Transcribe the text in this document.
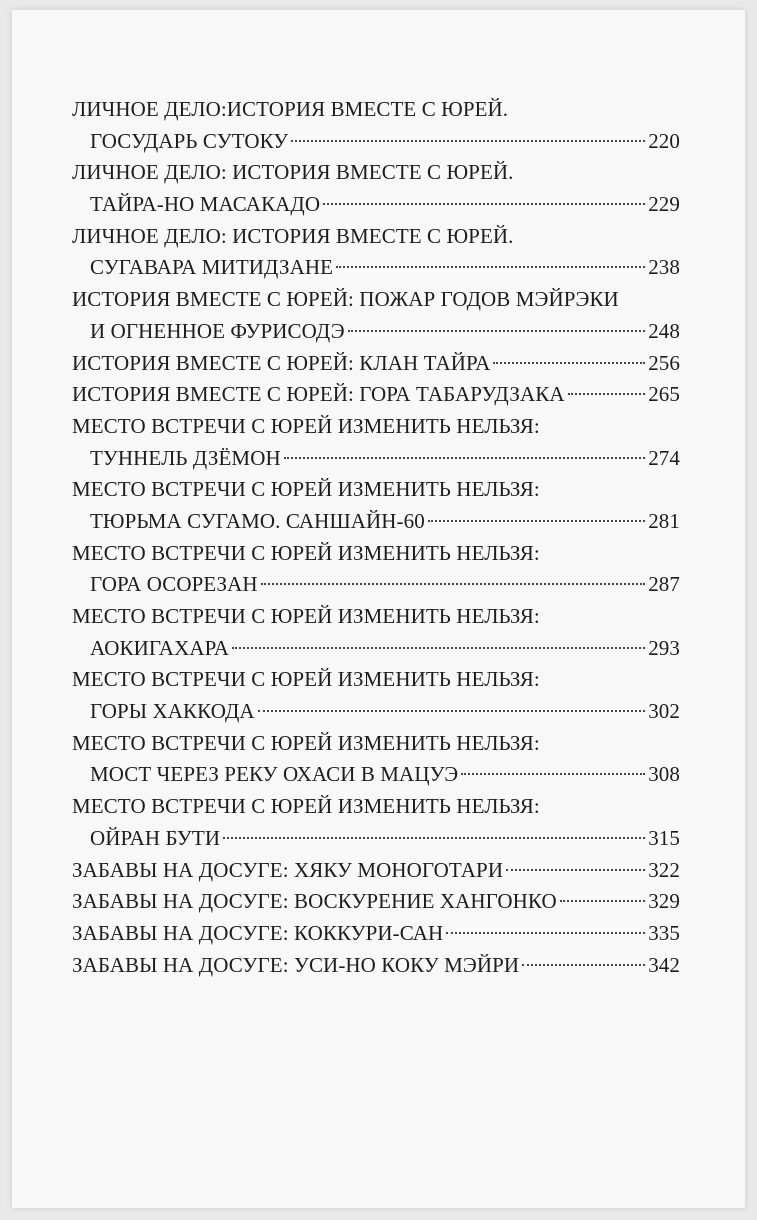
ЛИЧНОЕ ДЕЛО:ИСТОРИЯ ВМЕСТЕ С ЮРЕЙ.
ГОСУДАРЬ СУТОКУ	220
ЛИЧНОЕ ДЕЛО: ИСТОРИЯ ВМЕСТЕ С ЮРЕЙ.
ТАЙРА-НО МАСАКАДО	229
ЛИЧНОЕ ДЕЛО: ИСТОРИЯ ВМЕСТЕ С ЮРЕЙ.
СУГАВАРА МИТИДЗАНЕ	238
ИСТОРИЯ ВМЕСТЕ С ЮРЕЙ: ПОЖАР ГОДОВ МЭЙРЭКИ
И ОГНЕННОЕ ФУРИСОДЭ	248
ИСТОРИЯ ВМЕСТЕ С ЮРЕЙ: КЛАН ТАЙРА	256
ИСТОРИЯ ВМЕСТЕ С ЮРЕЙ: ГОРА ТАБАРУДЗАКА	265
МЕСТО ВСТРЕЧИ С ЮРЕЙ ИЗМЕНИТЬ НЕЛЬЗЯ:
ТУННЕЛЬ ДЗЁМОН	274
МЕСТО ВСТРЕЧИ С ЮРЕЙ ИЗМЕНИТЬ НЕЛЬЗЯ:
ТЮРЬМА СУГАМО. САНШАЙН-60	281
МЕСТО ВСТРЕЧИ С ЮРЕЙ ИЗМЕНИТЬ НЕЛЬЗЯ:
ГОРА ОСОРЕЗАН	287
МЕСТО ВСТРЕЧИ С ЮРЕЙ ИЗМЕНИТЬ НЕЛЬЗЯ:
АОКИГАХАРА	293
МЕСТО ВСТРЕЧИ С ЮРЕЙ ИЗМЕНИТЬ НЕЛЬЗЯ:
ГОРЫ ХАККОДА	302
МЕСТО ВСТРЕЧИ С ЮРЕЙ ИЗМЕНИТЬ НЕЛЬЗЯ:
МОСТ ЧЕРЕЗ РЕКУ ОХАСИ В МАЦУЭ	308
МЕСТО ВСТРЕЧИ С ЮРЕЙ ИЗМЕНИТЬ НЕЛЬЗЯ:
ОЙРАН БУТИ	315
ЗАБАВЫ НА ДОСУГЕ: ХЯКУ МОНОГОТАРИ	322
ЗАБАВЫ НА ДОСУГЕ: ВОСКУРЕНИЕ ХАНГОНКО	329
ЗАБАВЫ НА ДОСУГЕ: КОККУРИ-САН	335
ЗАБАВЫ НА ДОСУГЕ: УСИ-НО КОКУ МЭЙРИ	342
